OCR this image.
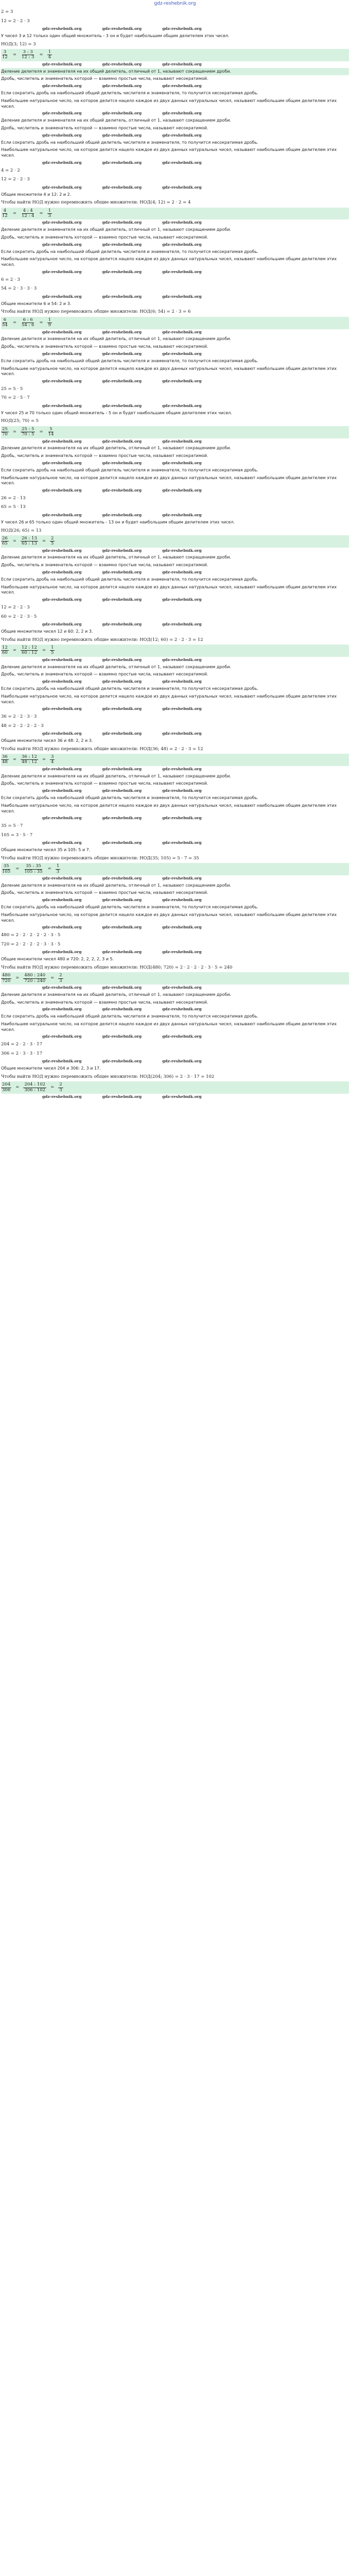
gdz-reshebnik.org
2 = 3
12 = 2 · 2 · 3
gdz-reshebnik.org	gdz-reshebnik.org	gdz-reshebnik.org

У чисел 3 и 12 только один общий множитель - 3 он и будет наибольшим общим делителем этих чисел.

НОД(3; 12) = 3
$\frac{3}{12} = \frac{3 : 3}{12 : 3} = \frac{1}{4}$
gdz-reshebnik.org	gdz-reshebnik.org	gdz-reshebnik.org

Деление делителя и знаменателя на их общий делитель, отличный от 1, называют сокращением дроби.

Дробь, числитель и знаменатель которой — взаимно простые числа, называют несократимой.

gdz-reshebnik.org	gdz-reshebnik.org	gdz-reshebnik.org

Если сократить дробь на наибольший общий делитель числителя и знаменателя, то получится несократимая дробь.

Наибольшее натуральное число, на которое делится нацело каждое из двух данных натуральных чисел, называют наибольшим общим делителем этих чисел.

gdz-reshebnik.org	gdz-reshebnik.org	gdz-reshebnik.org

Деление делителя и знаменателя на их общий делитель, отличный от 1, называют сокращением дроби.

Дробь, числитель и знаменатель которой — взаимно простые числа, называют несократимой.

gdz-reshebnik.org	gdz-reshebnik.org	gdz-reshebnik.org

Если сократить дробь на наибольший общий делитель числителя и знаменателя, то получится несократимая дробь.

Наибольшее натуральное число, на которое делится нацело каждое из двух данных натуральных чисел, называют наибольшим общим делителем этих чисел.

gdz-reshebnik.org	gdz-reshebnik.org	gdz-reshebnik.org
4 = 2 · 2
12 = 2 · 2 · 3
gdz-reshebnik.org	gdz-reshebnik.org	gdz-reshebnik.org

Общие множители 4 и 12: 2 и 2.

Чтобы найти НОД нужно перемножить общие множители: НОД(4; 12) = 2 · 2 = 4
$\frac{4}{12} = \frac{4 : 4}{12 : 4} = \frac{1}{3}$
gdz-reshebnik.org	gdz-reshebnik.org	gdz-reshebnik.org

Деление делителя и знаменателя на их общий делитель, отличный от 1, называют сокращением дроби.

Дробь, числитель и знаменатель которой — взаимно простые числа, называют несократимой.

gdz-reshebnik.org	gdz-reshebnik.org	gdz-reshebnik.org

Если сократить дробь на наибольший общий делитель числителя и знаменателя, то получится несократимая дробь.

Наибольшее натуральное число, на которое делится нацело каждое из двух данных натуральных чисел, называют наибольшим общим делителем этих чисел.

gdz-reshebnik.org	gdz-reshebnik.org	gdz-reshebnik.org
6 = 2 · 3
54 = 2 · 3 · 3 · 3
gdz-reshebnik.org	gdz-reshebnik.org	gdz-reshebnik.org

Общие множители 6 и 54: 2 и 3.

Чтобы найти НОД нужно перемножить общие множители: НОД(6; 54) = 2 · 3 = 6
$\frac{6}{54} = \frac{6 : 6}{54 : 6} = \frac{1}{9}$
gdz-reshebnik.org	gdz-reshebnik.org	gdz-reshebnik.org

Деление делителя и знаменателя на их общий делитель, отличный от 1, называют сокращением дроби.

Дробь, числитель и знаменатель которой — взаимно простые числа, называют несократимой.

gdz-reshebnik.org	gdz-reshebnik.org	gdz-reshebnik.org

Если сократить дробь на наибольший общий делитель числителя и знаменателя, то получится несократимая дробь.

Наибольшее натуральное число, на которое делится нацело каждое из двух данных натуральных чисел, называют наибольшим общим делителем этих чисел.

gdz-reshebnik.org	gdz-reshebnik.org	gdz-reshebnik.org
25 = 5 · 5
70 = 2 · 5 · 7
gdz-reshebnik.org	gdz-reshebnik.org	gdz-reshebnik.org

У чисел 25 и 70 только один общий множитель - 5 он и будет наибольшим общим делителем этих чисел.

НОД(25; 70) = 5
$\frac{25}{70} = \frac{25 : 5}{70 : 5} = \frac{5}{14}$
gdz-reshebnik.org	gdz-reshebnik.org	gdz-reshebnik.org

Деление делителя и знаменателя на их общий делитель, отличный от 1, называют сокращением дроби.

Дробь, числитель и знаменатель которой — взаимно простые числа, называют несократимой.

gdz-reshebnik.org	gdz-reshebnik.org	gdz-reshebnik.org

Если сократить дробь на наибольший общий делитель числителя и знаменателя, то получится несократимая дробь.

Наибольшее натуральное число, на которое делится нацело каждое из двух данных натуральных чисел, называют наибольшим общим делителем этих чисел.

gdz-reshebnik.org	gdz-reshebnik.org	gdz-reshebnik.org
26 = 2 · 13
65 = 5 · 13
gdz-reshebnik.org	gdz-reshebnik.org	gdz-reshebnik.org

У чисел 26 и 65 только один общий множитель - 13 он и будет наибольшим общим делителем этих чисел.

НОД(26; 65) = 13
$\frac{26}{65} = \frac{26 : 13}{65 : 13} = \frac{2}{5}$
gdz-reshebnik.org	gdz-reshebnik.org	gdz-reshebnik.org

Деление делителя и знаменателя на их общий делитель, отличный от 1, называют сокращением дроби.

Дробь, числитель и знаменатель которой — взаимно простые числа, называют несократимой.

gdz-reshebnik.org	gdz-reshebnik.org	gdz-reshebnik.org

Если сократить дробь на наибольший общий делитель числителя и знаменателя, то получится несократимая дробь.

Наибольшее натуральное число, на которое делится нацело каждое из двух данных натуральных чисел, называют наибольшим общим делителем этих чисел.

gdz-reshebnik.org	gdz-reshebnik.org	gdz-reshebnik.org
12 = 2 · 2 · 3
60 = 2 · 2 · 3 · 5
gdz-reshebnik.org	gdz-reshebnik.org	gdz-reshebnik.org

Общие множители чисел 12 и 60: 2, 2 и 3.

Чтобы найти НОД нужно перемножить общие множители: НОД(12; 60) = 2 · 2 · 3 = 12
$\frac{12}{60} = \frac{12 : 12}{60 : 12} = \frac{1}{5}$
gdz-reshebnik.org	gdz-reshebnik.org	gdz-reshebnik.org

Деление делителя и знаменателя на их общий делитель, отличный от 1, называют сокращением дроби.

Дробь, числитель и знаменатель которой — взаимно простые числа, называют несократимой.

gdz-reshebnik.org	gdz-reshebnik.org	gdz-reshebnik.org

Если сократить дробь на наибольший общий делитель числителя и знаменателя, то получится несократимая дробь.

Наибольшее натуральное число, на которое делится нацело каждое из двух данных натуральных чисел, называют наибольшим общим делителем этих чисел.

gdz-reshebnik.org	gdz-reshebnik.org	gdz-reshebnik.org
36 = 2 · 2 · 3 · 3
48 = 2 · 2 · 2 · 2 · 3
gdz-reshebnik.org	gdz-reshebnik.org	gdz-reshebnik.org

Общие множители чисел 36 и 48: 2, 2 и 3.

Чтобы найти НОД нужно перемножить общие множители: НОД(36; 48) = 2 · 2 · 3 = 12
$\frac{36}{48} = \frac{36 : 12}{48 : 12} = \frac{3}{4}$
gdz-reshebnik.org	gdz-reshebnik.org	gdz-reshebnik.org

Деление делителя и знаменателя на их общий делитель, отличный от 1, называют сокращением дроби.

Дробь, числитель и знаменатель которой — взаимно простые числа, называют несократимой.

gdz-reshebnik.org	gdz-reshebnik.org	gdz-reshebnik.org

Если сократить дробь на наибольший общий делитель числителя и знаменателя, то получится несократимая дробь.

Наибольшее натуральное число, на которое делится нацело каждое из двух данных натуральных чисел, называют наибольшим общим делителем этих чисел.

gdz-reshebnik.org	gdz-reshebnik.org	gdz-reshebnik.org
35 = 5 · 7
105 = 3 · 5 · 7
gdz-reshebnik.org	gdz-reshebnik.org	gdz-reshebnik.org

Общие множители чисел 35 и 105: 5 и 7.

Чтобы найти НОД нужно перемножить общие множители: НОД(35; 105) = 5 · 7 = 35
$\frac{35}{105} = \frac{35 : 35}{105 : 35} = \frac{1}{3}$
gdz-reshebnik.org	gdz-reshebnik.org	gdz-reshebnik.org

Деление делителя и знаменателя на их общий делитель, отличный от 1, называют сокращением дроби.

Дробь, числитель и знаменатель которой — взаимно простые числа, называют несократимой.

gdz-reshebnik.org	gdz-reshebnik.org	gdz-reshebnik.org

Если сократить дробь на наибольший общий делитель числителя и знаменателя, то получится несократимая дробь.

Наибольшее натуральное число, на которое делится нацело каждое из двух данных натуральных чисел, называют наибольшим общим делителем этих чисел.

gdz-reshebnik.org	gdz-reshebnik.org	gdz-reshebnik.org
480 = 2 · 2 · 2 · 2 · 2 · 3 · 5
720 = 2 · 2 · 2 · 2 · 3 · 3 · 5
gdz-reshebnik.org	gdz-reshebnik.org	gdz-reshebnik.org

Общие множители чисел 480 и 720: 2, 2, 2, 2, 3 и 5.

Чтобы найти НОД нужно перемножить общие множители: НОД(480; 720) = 2 · 2 · 2 · 2 · 3 · 5 = 240
$\frac{480}{720} = \frac{480 : 240}{720 : 240} = \frac{2}{3}$
gdz-reshebnik.org	gdz-reshebnik.org	gdz-reshebnik.org

Деление делителя и знаменателя на их общий делитель, отличный от 1, называют сокращением дроби.

Дробь, числитель и знаменатель которой — взаимно простые числа, называют несократимой.

gdz-reshebnik.org	gdz-reshebnik.org	gdz-reshebnik.org

Если сократить дробь на наибольший общий делитель числителя и знаменателя, то получится несократимая дробь.

Наибольшее натуральное число, на которое делится нацело каждое из двух данных натуральных чисел, называют наибольшим общим делителем этих чисел.

gdz-reshebnik.org	gdz-reshebnik.org	gdz-reshebnik.org
204 = 2 · 2 · 3 · 17
306 = 2 · 3 · 3 · 17
gdz-reshebnik.org	gdz-reshebnik.org	gdz-reshebnik.org

Общие множители чисел 204 и 306: 2, 3 и 17.

Чтобы найти НОД нужно перемножить общие множители: НОД(204; 306) = 2 · 3 · 17 = 102
$\frac{204}{306} = \frac{204 : 102}{306 : 102} = \frac{2}{3}$
gdz-reshebnik.org	gdz-reshebnik.org	gdz-reshebnik.org
